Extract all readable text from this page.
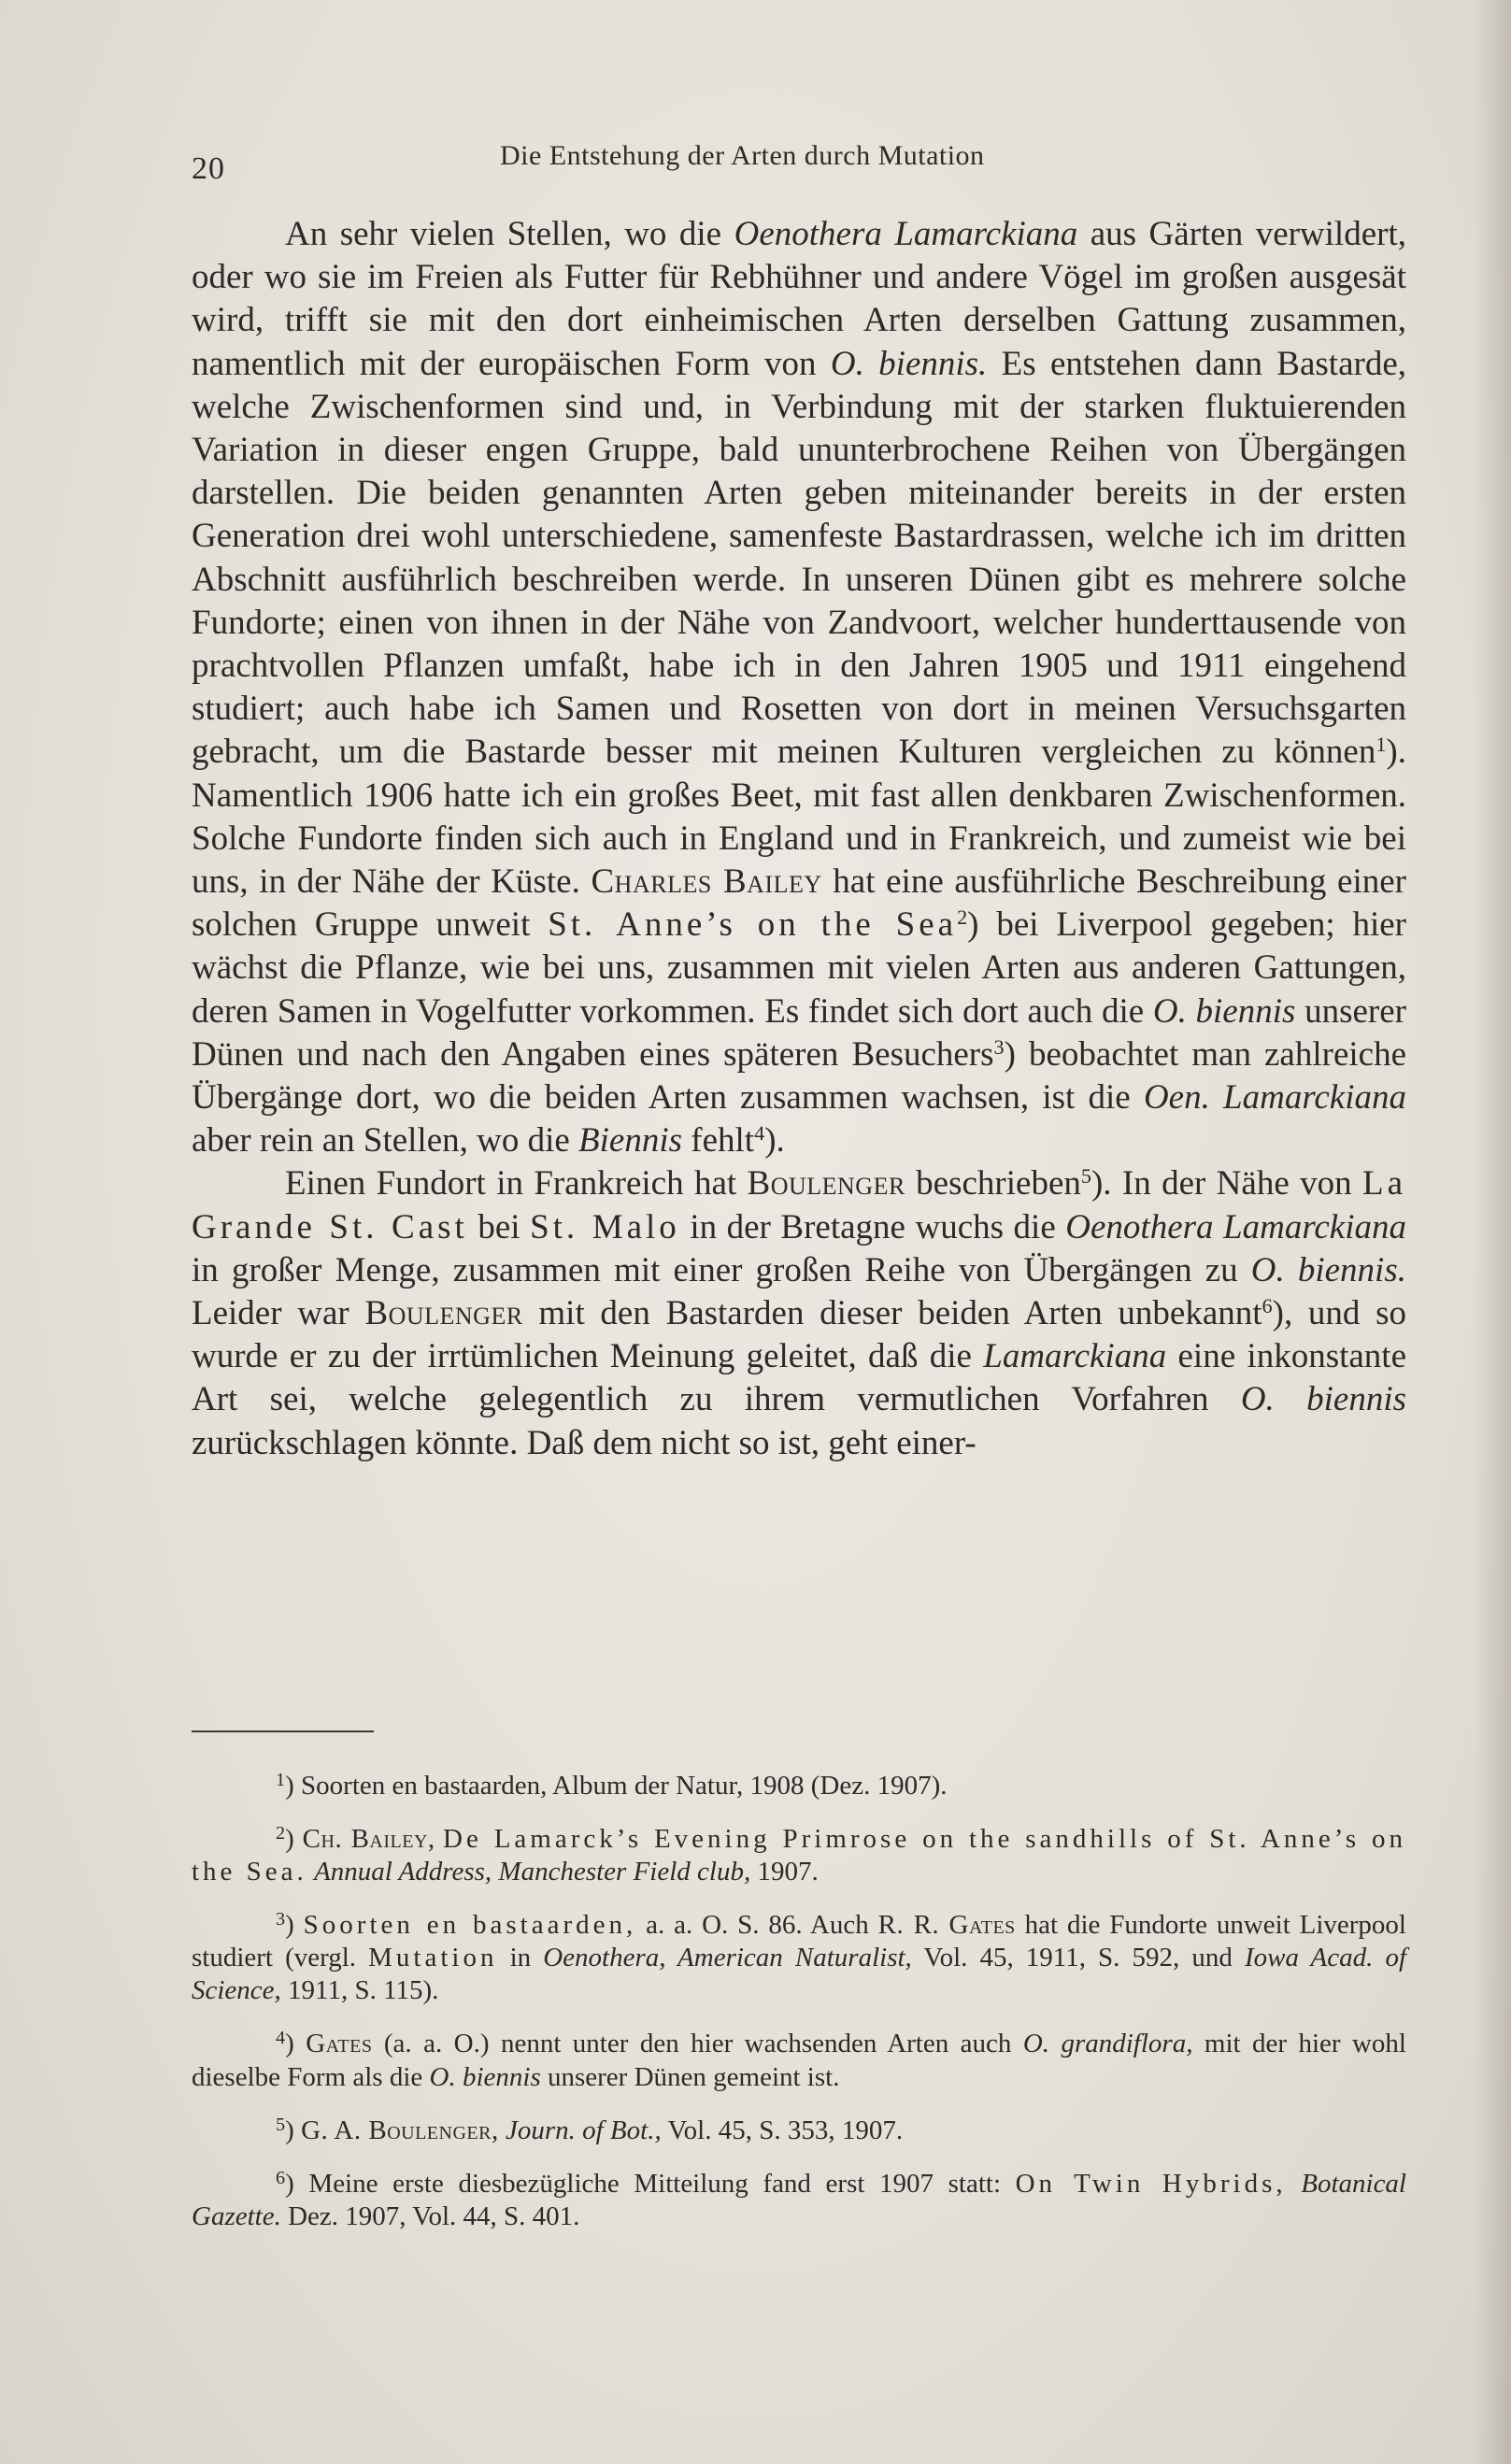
20	Die Entstehung der Arten durch Mutation

An sehr vielen Stellen, wo die Oenothera Lamarckiana aus Gärten verwildert, oder wo sie im Freien als Futter für Rebhühner und andere Vögel im großen ausgesät wird, trifft sie mit den dort einheimischen Arten derselben Gattung zusammen, namentlich mit der europäischen Form von O. biennis. Es entstehen dann Bastarde, welche Zwischenformen sind und, in Verbindung mit der starken fluktuierenden Variation in dieser engen Gruppe, bald ununterbrochene Reihen von Übergängen darstellen. Die beiden genannten Arten geben miteinander bereits in der ersten Generation drei wohl unterschiedene, samenfeste Bastardrassen, welche ich im dritten Abschnitt ausführlich beschreiben werde. In unseren Dünen gibt es mehrere solche Fundorte; einen von ihnen in der Nähe von Zandvoort, welcher hunderttausende von prachtvollen Pflanzen umfaßt, habe ich in den Jahren 1905 und 1911 eingehend studiert; auch habe ich Samen und Rosetten von dort in meinen Versuchsgarten gebracht, um die Bastarde besser mit meinen Kulturen vergleichen zu können$^1$). Namentlich 1906 hatte ich ein großes Beet, mit fast allen denkbaren Zwischenformen. Solche Fundorte finden sich auch in England und in Frankreich, und zumeist wie bei uns, in der Nähe der Küste. Charles Bailey hat eine ausführliche Beschreibung einer solchen Gruppe unweit St. Anne’s on the Sea$^2$) bei Liverpool gegeben; hier wächst die Pflanze, wie bei uns, zusammen mit vielen Arten aus anderen Gattungen, deren Samen in Vogelfutter vorkommen. Es findet sich dort auch die O. biennis unserer Dünen und nach den Angaben eines späteren Besuchers$^3$) beobachtet man zahlreiche Übergänge dort, wo die beiden Arten zusammen wachsen, ist die Oen. Lamarckiana aber rein an Stellen, wo die Biennis fehlt$^4$).

Einen Fundort in Frankreich hat Boulenger beschrieben$^5$). In der Nähe von La Grande St. Cast bei St. Malo in der Bretagne wuchs die Oenothera Lamarckiana in großer Menge, zusammen mit einer großen Reihe von Übergängen zu O. biennis. Leider war Boulenger mit den Bastarden dieser beiden Arten unbekannt$^6$), und so wurde er zu der irrtümlichen Meinung geleitet, daß die Lamarckiana eine inkonstante Art sei, welche gelegentlich zu ihrem vermutlichen Vorfahren O. biennis zurückschlagen könnte. Daß dem nicht so ist, geht einer-

$^1$) Soorten en bastaarden, Album der Natur, 1908 (Dez. 1907).

$^2$) Ch. Bailey, De Lamarck’s Evening Primrose on the sandhills of St. Anne’s on the Sea. Annual Address, Manchester Field club, 1907.

$^3$) Soorten en bastaarden, a. a. O. S. 86. Auch R. R. Gates hat die Fundorte unweit Liverpool studiert (vergl. Mutation in Oenothera, American Naturalist, Vol. 45, 1911, S. 592, und Iowa Acad. of Science, 1911, S. 115).

$^4$) Gates (a. a. O.) nennt unter den hier wachsenden Arten auch O. grandiflora, mit der hier wohl dieselbe Form als die O. biennis unserer Dünen gemeint ist.

$^5$) G. A. Boulenger, Journ. of Bot., Vol. 45, S. 353, 1907.

$^6$) Meine erste diesbezügliche Mitteilung fand erst 1907 statt: On Twin Hybrids, Botanical Gazette. Dez. 1907, Vol. 44, S. 401.
